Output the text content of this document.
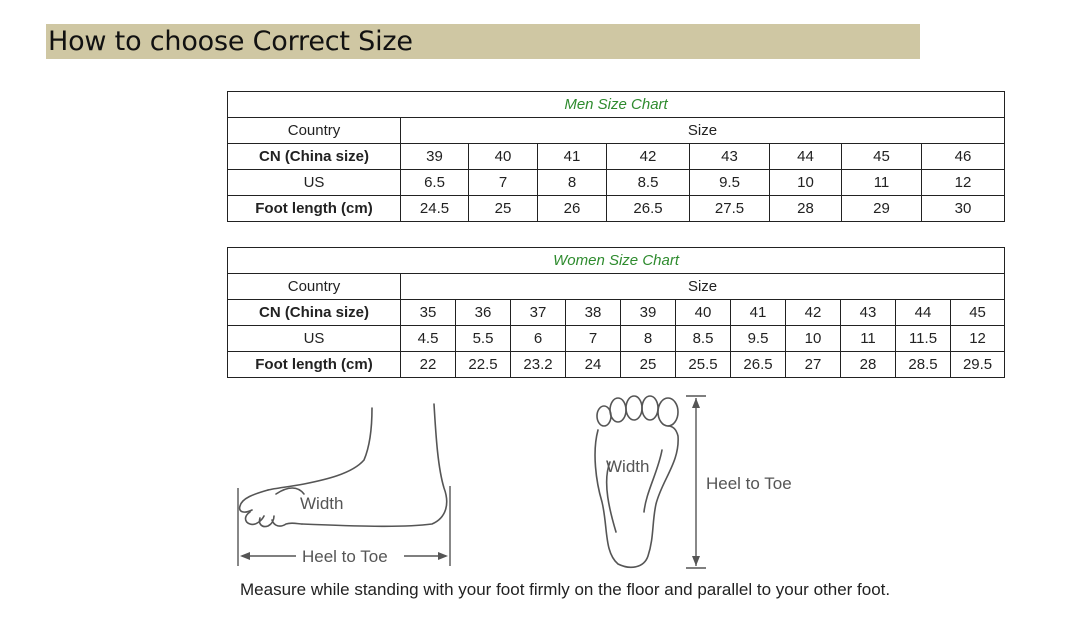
How to choose Correct Size
Men Size Chart								
Country	Size							
CN (China size)	39	40	41	42	43	44	45	46
US	6.5	7	8	8.5	9.5	10	11	12
Foot length (cm)	24.5	25	26	26.5	27.5	28	29	30
Women Size Chart											
Country	Size										
CN (China size)	35	36	37	38	39	40	41	42	43	44	45
US	4.5	5.5	6	7	8	8.5	9.5	10	11	11.5	12
Foot length (cm)	22	22.5	23.2	24	25	25.5	26.5	27	28	28.5	29.5
Width
Heel to Toe
Width
Heel to Toe
Measure while standing with your foot firmly on the floor and parallel to your other foot.
